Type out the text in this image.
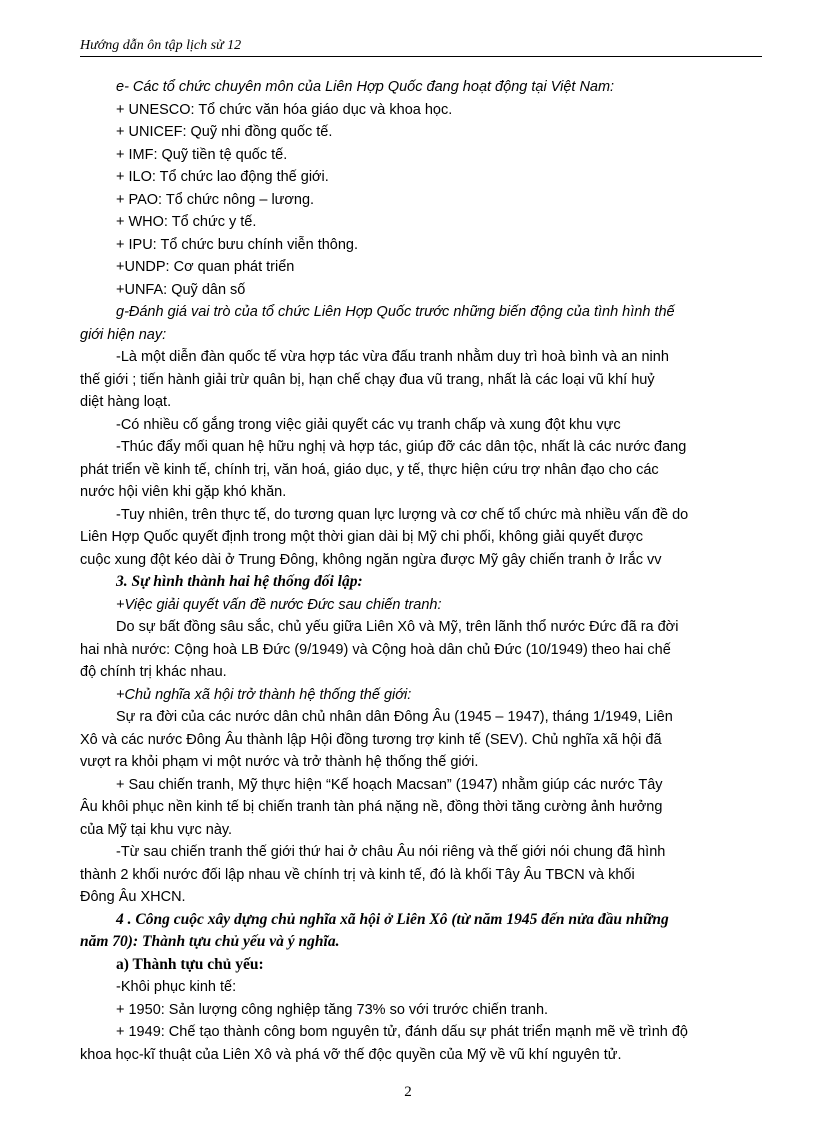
Hướng dẫn ôn tập lịch sử 12
e- Các tổ chức chuyên môn của Liên Hợp Quốc đang hoạt động tại Việt Nam:
+ UNESCO: Tổ chức văn hóa giáo dục và khoa học.
+ UNICEF: Quỹ nhi đồng quốc tế.
+ IMF: Quỹ tiền tệ quốc tế.
+ ILO: Tổ chức lao động thế giới.
+ PAO: Tổ chức nông – lương.
+ WHO: Tổ chức y tế.
+ IPU: Tổ chức bưu chính viễn thông.
+UNDP: Cơ quan phát triển
+UNFA: Quỹ dân số
g-Đánh giá vai trò của tổ chức Liên Hợp Quốc trước những biến động của tình hình thế
giới hiện nay:
-Là một diễn đàn quốc tế vừa hợp tác vừa đấu tranh nhằm duy trì hoà bình và an ninh
thế giới ; tiến hành giải trừ quân bị, hạn chế chạy đua vũ trang, nhất là các loại vũ khí huỷ
diệt hàng loạt.
-Có nhiều cố gắng trong việc giải quyết các vụ tranh chấp và xung đột khu vực
-Thúc đẩy mối quan hệ hữu nghị và hợp tác, giúp đỡ các dân tộc, nhất là các nước đang
phát triển về kinh tế, chính trị, văn hoá, giáo dục, y tế, thực hiện cứu trợ nhân đạo cho các
nước hội viên khi gặp khó khăn.
-Tuy nhiên, trên thực tế, do tương quan lực lượng và cơ chế tổ chức mà nhiều vấn đề do
Liên Hợp Quốc quyết định trong một thời gian dài bị Mỹ chi phối, không giải quyết được
cuộc xung đột kéo dài ở Trung Đông, không ngăn ngừa được Mỹ gây chiến tranh ở Irắc vv
3. Sự hình thành hai hệ thống đối lập:
+Việc giải quyết vấn đề nước Đức sau chiến tranh:
Do sự bất đồng sâu sắc, chủ yếu giữa Liên Xô và Mỹ, trên lãnh thổ nước Đức đã ra đời
hai nhà nước: Cộng hoà LB Đức (9/1949) và Cộng hoà dân chủ Đức (10/1949) theo hai chế
độ chính trị khác nhau.
+Chủ nghĩa xã hội trở thành hệ thống thế giới:
Sự ra đời của các nước dân chủ nhân dân Đông Âu (1945 – 1947), tháng 1/1949, Liên
Xô và các nước Đông Âu thành lập Hội đồng tương trợ kinh tế (SEV). Chủ nghĩa xã hội đã
vượt ra khỏi phạm vi một nước và trở thành hệ thống thế giới.
+ Sau chiến tranh, Mỹ thực hiện “Kế hoạch Macsan” (1947) nhằm giúp các nước Tây
Âu khôi phục nền kinh tế bị chiến tranh tàn phá nặng nề, đồng thời tăng cường ảnh hưởng
của Mỹ tại khu vực này.
-Từ sau chiến tranh thế giới thứ hai ở châu Âu nói riêng và thế giới nói chung đã hình
thành 2 khối nước đối lập nhau về chính trị và kinh tế, đó là khối Tây Âu TBCN và khối
Đông Âu XHCN.
4 . Công cuộc xây dựng chủ nghĩa xã hội ở Liên Xô (từ năm 1945 đến nửa đầu những
năm 70): Thành tựu chủ yếu và ý nghĩa.
a) Thành tựu chủ yếu:
-Khôi phục kinh tế:
+ 1950: Sản lượng công nghiệp tăng 73% so với trước chiến tranh.
+ 1949: Chế tạo thành công bom nguyên tử, đánh dấu sự phát triển mạnh mẽ về trình độ
khoa học-kĩ thuật của Liên Xô và phá vỡ thế độc quyền của Mỹ về vũ khí nguyên tử.
2
